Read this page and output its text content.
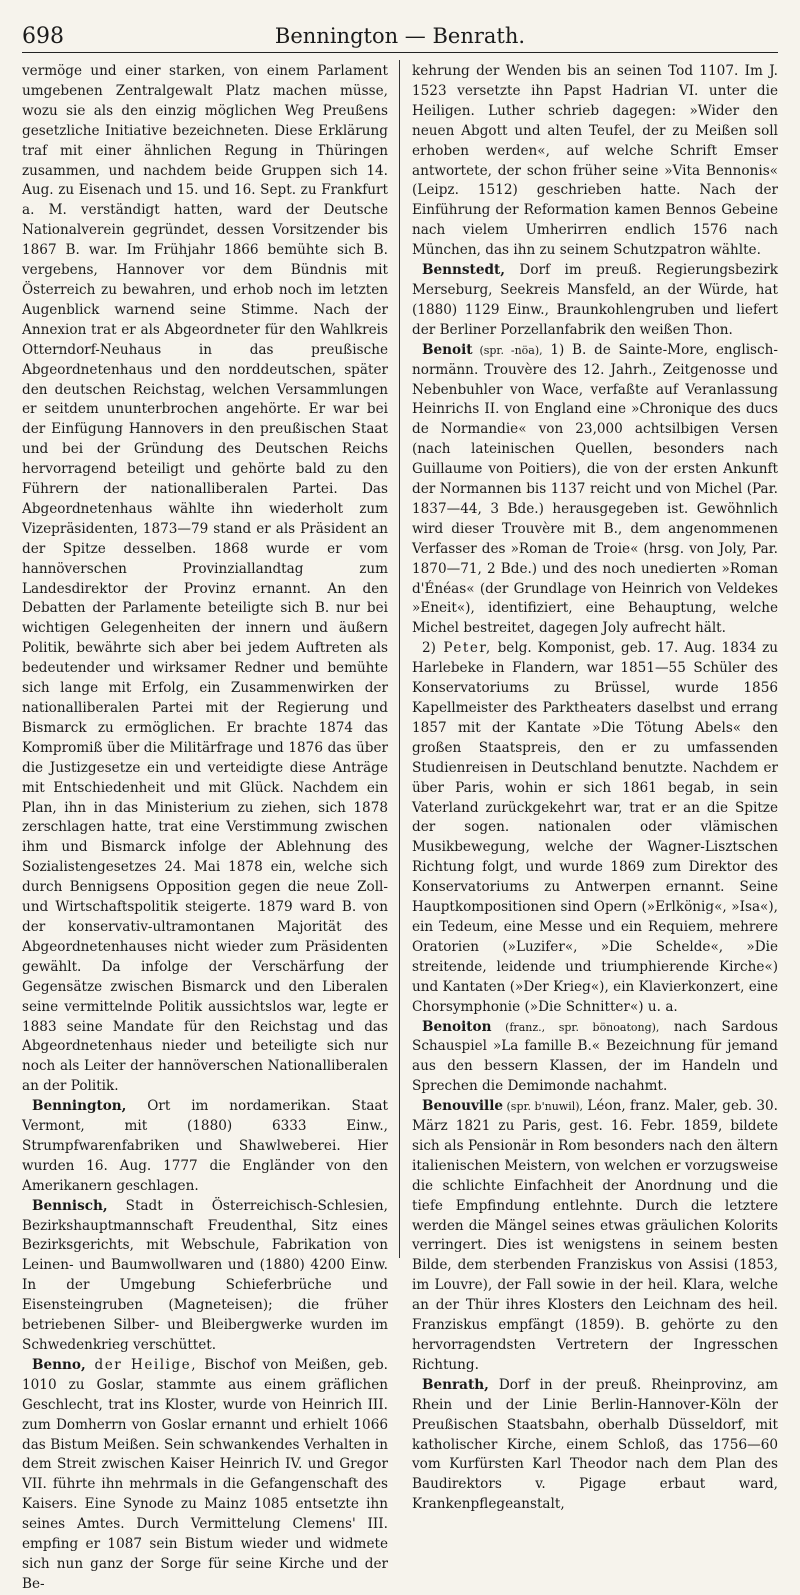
698	Bennington — Benrath.

vermöge und einer starken, von einem Parlament umgebenen Zentralgewalt Platz machen müsse, wozu sie als den einzig möglichen Weg Preußens gesetzliche Initiative bezeichneten. Diese Erklärung traf mit einer ähnlichen Regung in Thüringen zusammen, und nachdem beide Gruppen sich 14. Aug. zu Eisenach und 15. und 16. Sept. zu Frankfurt a. M. verständigt hatten, ward der Deutsche Nationalverein gegründet, dessen Vorsitzender bis 1867 B. war. Im Frühjahr 1866 bemühte sich B. vergebens, Hannover vor dem Bündnis mit Österreich zu bewahren, und erhob noch im letzten Augenblick warnend seine Stimme. Nach der Annexion trat er als Abgeordneter für den Wahlkreis Otterndorf-Neuhaus in das preußische Abgeordnetenhaus und den norddeutschen, später den deutschen Reichstag, welchen Versammlungen er seitdem ununterbrochen angehörte. Er war bei der Einfügung Hannovers in den preußischen Staat und bei der Gründung des Deutschen Reichs hervorragend beteiligt und gehörte bald zu den Führern der nationalliberalen Partei. Das Abgeordnetenhaus wählte ihn wiederholt zum Vizepräsidenten, 1873—79 stand er als Präsident an der Spitze desselben. 1868 wurde er vom hannöverschen Provinziallandtag zum Landesdirektor der Provinz ernannt. An den Debatten der Parlamente beteiligte sich B. nur bei wichtigen Gelegenheiten der innern und äußern Politik, bewährte sich aber bei jedem Auftreten als bedeutender und wirksamer Redner und bemühte sich lange mit Erfolg, ein Zusammenwirken der nationalliberalen Partei mit der Regierung und Bismarck zu ermöglichen. Er brachte 1874 das Kompromiß über die Militärfrage und 1876 das über die Justizgesetze ein und verteidigte diese Anträge mit Entschiedenheit und mit Glück. Nachdem ein Plan, ihn in das Ministerium zu ziehen, sich 1878 zerschlagen hatte, trat eine Verstimmung zwischen ihm und Bismarck infolge der Ablehnung des Sozialistengesetzes 24. Mai 1878 ein, welche sich durch Bennigsens Opposition gegen die neue Zoll- und Wirtschaftspolitik steigerte. 1879 ward B. von der konservativ-ultramontanen Majorität des Abgeordnetenhauses nicht wieder zum Präsidenten gewählt. Da infolge der Verschärfung der Gegensätze zwischen Bismarck und den Liberalen seine vermittelnde Politik aussichtslos war, legte er 1883 seine Mandate für den Reichstag und das Abgeordnetenhaus nieder und beteiligte sich nur noch als Leiter der hannöverschen Nationalliberalen an der Politik.

Bennington, Ort im nordamerikan. Staat Vermont, mit (1880) 6333 Einw., Strumpfwarenfabriken und Shawlweberei. Hier wurden 16. Aug. 1777 die Engländer von den Amerikanern geschlagen.

Bennisch, Stadt in Österreichisch-Schlesien, Bezirkshauptmannschaft Freudenthal, Sitz eines Bezirksgerichts, mit Webschule, Fabrikation von Leinen- und Baumwollwaren und (1880) 4200 Einw. In der Umgebung Schieferbrüche und Eisensteingruben (Magneteisen); die früher betriebenen Silber- und Bleibergwerke wurden im Schwedenkrieg verschüttet.

Benno, der Heilige, Bischof von Meißen, geb. 1010 zu Goslar, stammte aus einem gräflichen Geschlecht, trat ins Kloster, wurde von Heinrich III. zum Domherrn von Goslar ernannt und erhielt 1066 das Bistum Meißen. Sein schwankendes Verhalten in dem Streit zwischen Kaiser Heinrich IV. und Gregor VII. führte ihn mehrmals in die Gefangenschaft des Kaisers. Eine Synode zu Mainz 1085 entsetzte ihn seines Amtes. Durch Vermittelung Clemens' III. empfing er 1087 sein Bistum wieder und widmete sich nun ganz der Sorge für seine Kirche und der Be-

kehrung der Wenden bis an seinen Tod 1107. Im J. 1523 versetzte ihn Papst Hadrian VI. unter die Heiligen. Luther schrieb dagegen: »Wider den neuen Abgott und alten Teufel, der zu Meißen soll erhoben werden«, auf welche Schrift Emser antwortete, der schon früher seine »Vita Bennonis« (Leipz. 1512) geschrieben hatte. Nach der Einführung der Reformation kamen Bennos Gebeine nach vielem Umherirren endlich 1576 nach München, das ihn zu seinem Schutzpatron wählte.

Bennstedt, Dorf im preuß. Regierungsbezirk Merseburg, Seekreis Mansfeld, an der Würde, hat (1880) 1129 Einw., Braunkohlengruben und liefert der Berliner Porzellanfabrik den weißen Thon.

Benoit (spr. -nöa), 1) B. de Sainte-More, englisch-normänn. Trouvère des 12. Jahrh., Zeitgenosse und Nebenbuhler von Wace, verfaßte auf Veranlassung Heinrichs II. von England eine »Chronique des ducs de Normandie« von 23,000 achtsilbigen Versen (nach lateinischen Quellen, besonders nach Guillaume von Poitiers), die von der ersten Ankunft der Normannen bis 1137 reicht und von Michel (Par. 1837—44, 3 Bde.) herausgegeben ist. Gewöhnlich wird dieser Trouvère mit B., dem angenommenen Verfasser des »Roman de Troie« (hrsg. von Joly, Par. 1870—71, 2 Bde.) und des noch unedierten »Roman d'Énéas« (der Grundlage von Heinrich von Veldekes »Eneit«), identifiziert, eine Behauptung, welche Michel bestreitet, dagegen Joly aufrecht hält.

2) Peter, belg. Komponist, geb. 17. Aug. 1834 zu Harlebeke in Flandern, war 1851—55 Schüler des Konservatoriums zu Brüssel, wurde 1856 Kapellmeister des Parktheaters daselbst und errang 1857 mit der Kantate »Die Tötung Abels« den großen Staatspreis, den er zu umfassenden Studienreisen in Deutschland benutzte. Nachdem er über Paris, wohin er sich 1861 begab, in sein Vaterland zurückgekehrt war, trat er an die Spitze der sogen. nationalen oder vlämischen Musikbewegung, welche der Wagner-Lisztschen Richtung folgt, und wurde 1869 zum Direktor des Konservatoriums zu Antwerpen ernannt. Seine Hauptkompositionen sind Opern (»Erlkönig«, »Isa«), ein Tedeum, eine Messe und ein Requiem, mehrere Oratorien (»Luzifer«, »Die Schelde«, »Die streitende, leidende und triumphierende Kirche«) und Kantaten (»Der Krieg«), ein Klavierkonzert, eine Chorsymphonie (»Die Schnitter«) u. a.

Benoiton (franz., spr. bönoatong), nach Sardous Schauspiel »La famille B.« Bezeichnung für jemand aus den bessern Klassen, der im Handeln und Sprechen die Demimonde nachahmt.

Benouville (spr. b'nuwil), Léon, franz. Maler, geb. 30. März 1821 zu Paris, gest. 16. Febr. 1859, bildete sich als Pensionär in Rom besonders nach den ältern italienischen Meistern, von welchen er vorzugsweise die schlichte Einfachheit der Anordnung und die tiefe Empfindung entlehnte. Durch die letztere werden die Mängel seines etwas gräulichen Kolorits verringert. Dies ist wenigstens in seinem besten Bilde, dem sterbenden Franziskus von Assisi (1853, im Louvre), der Fall sowie in der heil. Klara, welche an der Thür ihres Klosters den Leichnam des heil. Franziskus empfängt (1859). B. gehörte zu den hervorragendsten Vertretern der Ingresschen Richtung.

Benrath, Dorf in der preuß. Rheinprovinz, am Rhein und der Linie Berlin-Hannover-Köln der Preußischen Staatsbahn, oberhalb Düsseldorf, mit katholischer Kirche, einem Schloß, das 1756—60 vom Kurfürsten Karl Theodor nach dem Plan des Baudirektors v. Pigage erbaut ward, Krankenpflegeanstalt,
